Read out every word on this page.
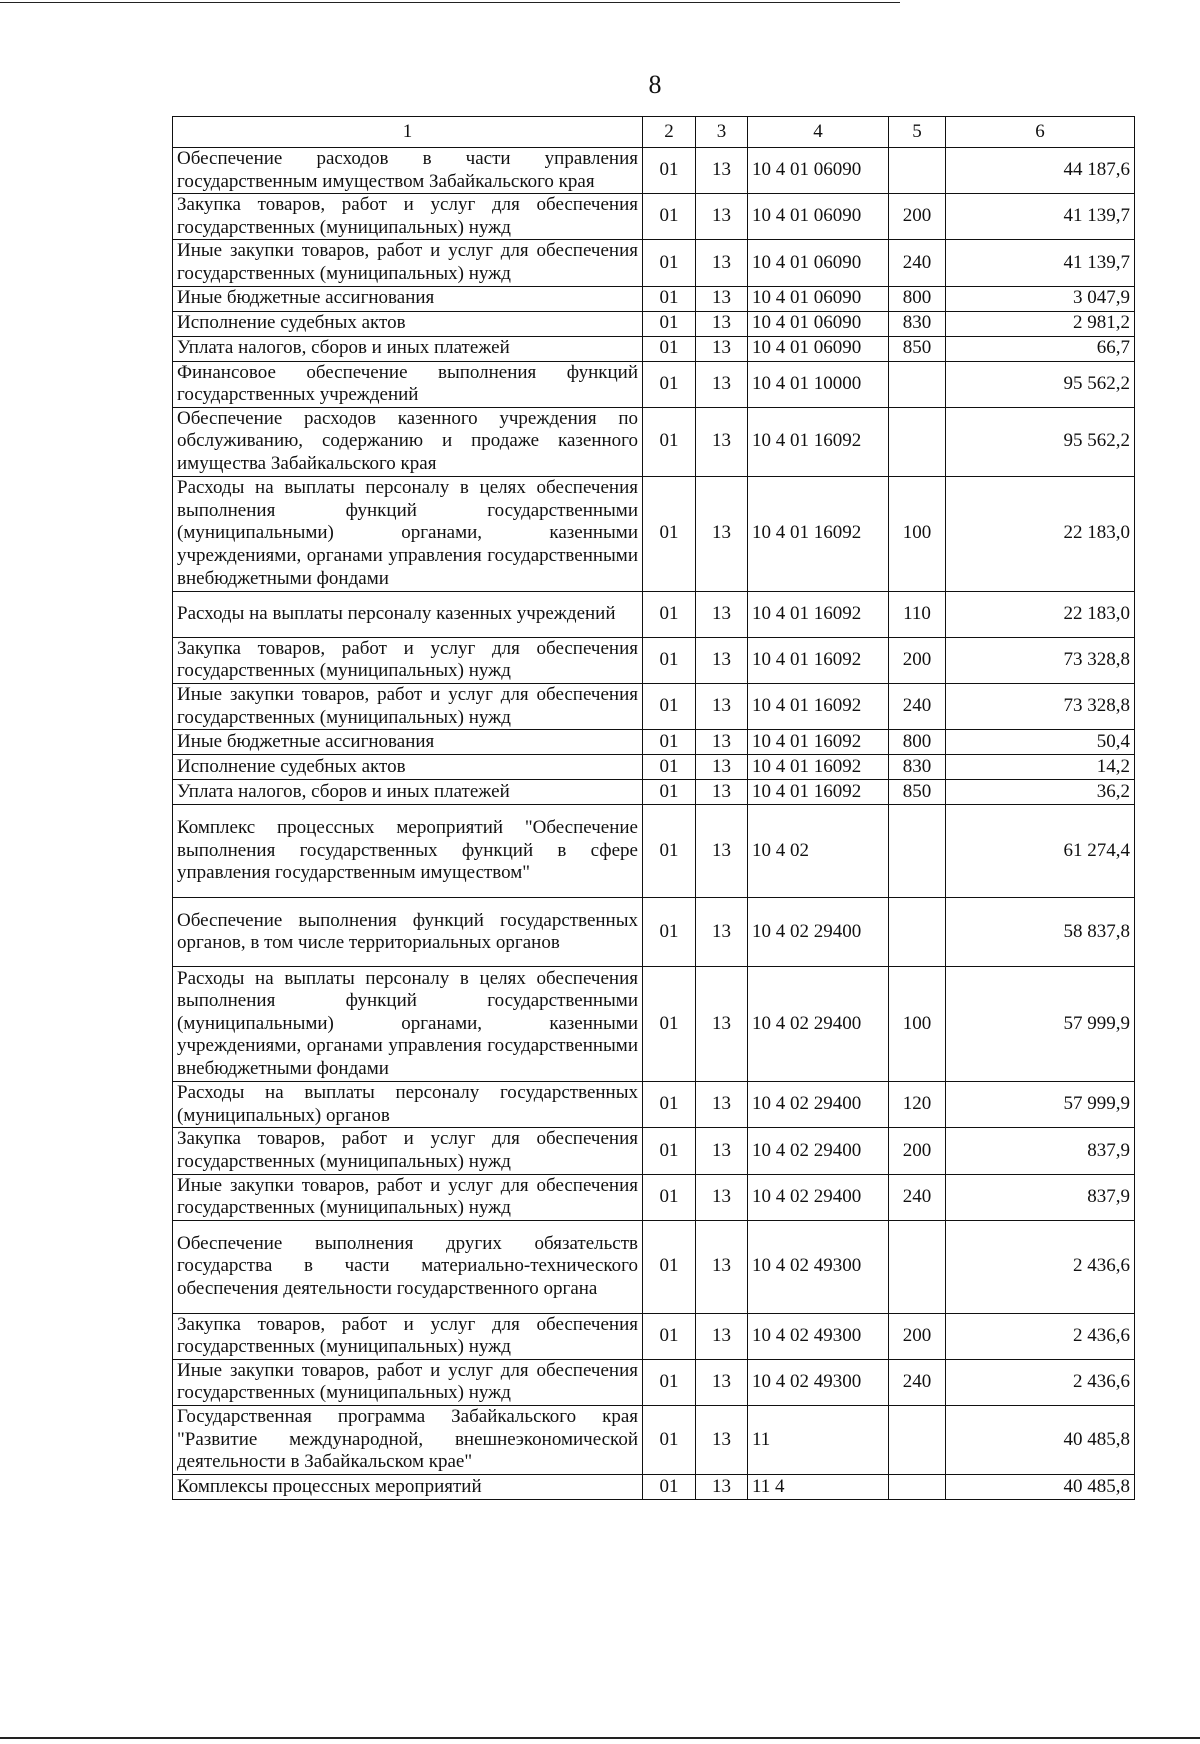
8
1	2	3	4	5	6
Обеспечение расходов в части управления государственным имуществом Забайкальского края	01	13	10 4 01 06090		44 187,6
Закупка товаров, работ и услуг для обеспечения государственных (муниципальных) нужд	01	13	10 4 01 06090	200	41 139,7
Иные закупки товаров, работ и услуг для обеспечения государственных (муниципальных) нужд	01	13	10 4 01 06090	240	41 139,7
Иные бюджетные ассигнования	01	13	10 4 01 06090	800	3 047,9
Исполнение судебных актов	01	13	10 4 01 06090	830	2 981,2
Уплата налогов, сборов и иных платежей	01	13	10 4 01 06090	850	66,7
Финансовое обеспечение выполнения функций государственных учреждений	01	13	10 4 01 10000		95 562,2
Обеспечение расходов казенного учреждения по обслуживанию, содержанию и продаже казенного имущества Забайкальского края	01	13	10 4 01 16092		95 562,2
Расходы на выплаты персоналу в целях обеспечения выполнения функций государственными (муниципальными) органами, казенными учреждениями, органами управления государственными внебюджетными фондами	01	13	10 4 01 16092	100	22 183,0
Расходы на выплаты персоналу казенных учреждений	01	13	10 4 01 16092	110	22 183,0
Закупка товаров, работ и услуг для обеспечения государственных (муниципальных) нужд	01	13	10 4 01 16092	200	73 328,8
Иные закупки товаров, работ и услуг для обеспечения государственных (муниципальных) нужд	01	13	10 4 01 16092	240	73 328,8
Иные бюджетные ассигнования	01	13	10 4 01 16092	800	50,4
Исполнение судебных актов	01	13	10 4 01 16092	830	14,2
Уплата налогов, сборов и иных платежей	01	13	10 4 01 16092	850	36,2
Комплекс процессных мероприятий "Обеспечение выполнения государственных функций в сфере управления государственным имуществом"	01	13	10 4 02		61 274,4
Обеспечение выполнения функций государственных органов, в том числе территориальных органов	01	13	10 4 02 29400		58 837,8
Расходы на выплаты персоналу в целях обеспечения выполнения функций государственными (муниципальными) органами, казенными учреждениями, органами управления государственными внебюджетными фондами	01	13	10 4 02 29400	100	57 999,9
Расходы на выплаты персоналу государственных (муниципальных) органов	01	13	10 4 02 29400	120	57 999,9
Закупка товаров, работ и услуг для обеспечения государственных (муниципальных) нужд	01	13	10 4 02 29400	200	837,9
Иные закупки товаров, работ и услуг для обеспечения государственных (муниципальных) нужд	01	13	10 4 02 29400	240	837,9
Обеспечение выполнения других обязательств государства в части материально-технического обеспечения деятельности государственного органа	01	13	10 4 02 49300		2 436,6
Закупка товаров, работ и услуг для обеспечения государственных (муниципальных) нужд	01	13	10 4 02 49300	200	2 436,6
Иные закупки товаров, работ и услуг для обеспечения государственных (муниципальных) нужд	01	13	10 4 02 49300	240	2 436,6
Государственная программа Забайкальского края "Развитие международной, внешнеэкономической деятельности в Забайкальском крае"	01	13	11		40 485,8
Комплексы процессных мероприятий	01	13	11 4		40 485,8
